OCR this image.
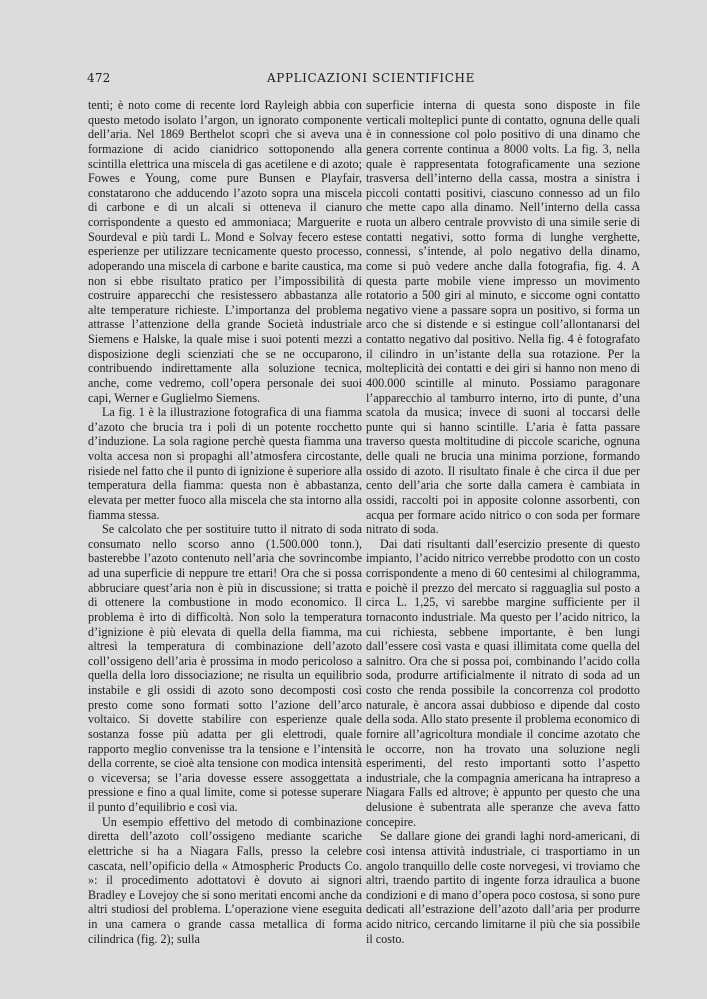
472	APPLICAZIONI SCIENTIFICHE

tenti; è noto come di recente lord Rayleigh abbia con questo metodo isolato l’argon, un ignorato componente dell’aria. Nel 1869 Berthelot scoprì che si aveva una formazione di acido cianidrico sottoponendo alla scintilla elettrica una miscela di gas acetilene e di azoto; Fowes e Young, come pure Bunsen e Playfair, constatarono che adducendo l’azoto sopra una miscela di carbone e di un alcali si otteneva il cianuro corrispondente a questo ed ammoniaca; Marguerite e Sourdeval e più tardi L. Mond e Solvay fecero estese esperienze per utilizzare tecnicamente questo processo, adoperando una miscela di carbone e barite caustica, ma non si ebbe risultato pratico per l’impossibilità di costruire apparecchi che resistessero abbastanza alle alte temperature richieste. L’importanza del problema attrasse l’attenzione della grande Società industriale Siemens e Halske, la quale mise i suoi potenti mezzi a disposizione degli scienziati che se ne occuparono, contribuendo indirettamente alla soluzione tecnica, anche, come vedremo, coll’opera personale dei suoi capi, Werner e Guglielmo Siemens.

La fig. 1 è la illustrazione fotografica di una fiamma d’azoto che brucia tra i poli di un potente rocchetto d’induzione. La sola ragione perchè questa fiamma una volta accesa non si propaghi all’atmosfera circostante, risiede nel fatto che il punto di ignizione è superiore alla temperatura della fiamma: questa non è abbastanza, elevata per metter fuoco alla miscela che sta intorno alla fiamma stessa.

Se calcolato che per sostituire tutto il nitrato di soda consumato nello scorso anno (1.500.000 tonn.), basterebbe l’azoto contenuto nell’aria che sovrincombe ad una superficie di neppure tre ettari! Ora che si possa abbruciare quest’aria non è più in discussione; si tratta di ottenere la combustione in modo economico. Il problema è irto di difficoltà. Non solo la temperatura d’ignizione è più elevata di quella della fiamma, ma altresì la temperatura di combinazione dell’azoto coll’ossigeno dell’aria è prossima in modo pericoloso a quella della loro dissociazione; ne risulta un equilibrio instabile e gli ossidi di azoto sono decomposti così presto come sono formati sotto l’azione dell’arco voltaico. Si dovette stabilire con esperienze quale sostanza fosse più adatta per gli elettrodi, quale rapporto meglio convenisse tra la tensione e l’intensità della corrente, se cioè alta tensione con modica intensità o viceversa; se l’aria dovesse essere assoggettata a pressione e fino a qual limite, come si potesse superare il punto d’equilibrio e così via.

Un esempio effettivo del metodo di combinazione diretta dell’azoto coll’ossigeno mediante scariche elettriche si ha a Niagara Falls, presso la celebre cascata, nell’opificio della « Atmospheric Products Co. »: il procedimento adottatovi è dovuto ai signori Bradley e Lovejoy che si sono meritati encomi anche da altri studiosi del problema. L’operazione viene eseguita in una camera o grande cassa metallica di forma cilindrica (fig. 2); sulla

superficie interna di questa sono disposte in file verticali molteplici punte di contatto, ognuna delle quali è in connessione col polo positivo di una dinamo che genera corrente continua a 8000 volts. La fig. 3, nella quale è rappresentata fotograficamente una sezione trasversa dell’interno della cassa, mostra a sinistra i piccoli contatti positivi, ciascuno connesso ad un filo che mette capo alla dinamo. Nell’interno della cassa ruota un albero centrale provvisto di una simile serie di contatti negativi, sotto forma di lunghe verghette, connessi, s’intende, al polo negativo della dinamo, come si può vedere anche dalla fotografia, fig. 4. A questa parte mobile viene impresso un movimento rotatorio a 500 giri al minuto, e siccome ogni contatto negativo viene a passare sopra un positivo, si forma un arco che si distende e si estingue coll’allontanarsi del contatto negativo dal positivo. Nella fig. 4 è fotografato il cilindro in un’istante della sua rotazione. Per la molteplicità dei contatti e dei giri si hanno non meno di 400.000 scintille al minuto. Possiamo paragonare l’apparecchio al tamburro interno, irto di punte, d’una scatola da musica; invece di suoni al toccarsi delle punte qui si hanno scintille. L’aria è fatta passare traverso questa moltitudine di piccole scariche, ognuna delle quali ne brucia una minima porzione, formando ossido di azoto. Il risultato finale è che circa il due per cento dell’aria che sorte dalla camera è cambiata in ossidi, raccolti poi in apposite colonne assorbenti, con acqua per formare acido nitrico o con soda per formare nitrato di soda.

Dai dati risultanti dall’esercizio presente di questo impianto, l’acido nitrico verrebbe prodotto con un costo corrispondente a meno di 60 centesimi al chilogramma, e poichè il prezzo del mercato si ragguaglia sul posto a circa L. 1,25, vi sarebbe margine sufficiente per il tornaconto industriale. Ma questo per l’acido nitrico, la cui richiesta, sebbene importante, è ben lungi dall’essere così vasta e quasi illimitata come quella del salnitro. Ora che si possa poi, combinando l’acido colla soda, produrre artificialmente il nitrato di soda ad un costo che renda possibile la concorrenza col prodotto naturale, è ancora assai dubbioso e dipende dal costo della soda. Allo stato presente il problema economico di fornire all’agricoltura mondiale il concime azotato che le occorre, non ha trovato una soluzione negli esperimenti, del resto importanti sotto l’aspetto industriale, che la compagnia americana ha intrapreso a Niagara Falls ed altrove; è appunto per questo che una delusione è subentrata alle speranze che aveva fatto concepire.

Se dallare gione dei grandi laghi nord-americani, di così intensa attività industriale, ci trasportiamo in un angolo tranquillo delle coste norvegesi, vi troviamo che altri, traendo partito di ingente forza idraulica a buone condizioni e di mano d’opera poco costosa, si sono pure dedicati all’estrazione dell’azoto dall’aria per produrre acido nitrico, cercando limitarne il più che sia possibile il costo.
